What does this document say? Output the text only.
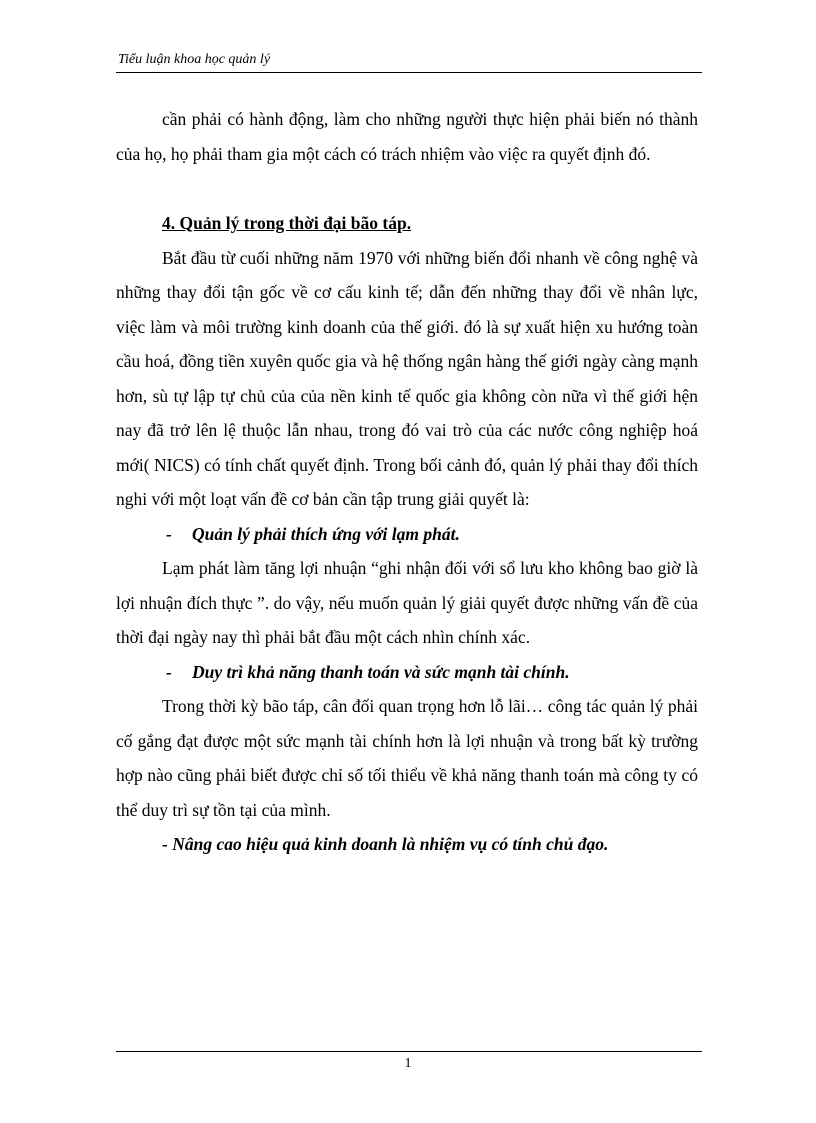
Tiểu luận khoa học quản lý

cần phải có hành động, làm cho những người thực hiện phải biến nó thành của họ, họ phải tham gia một cách có trách nhiệm vào việc ra quyết định đó.

4. Quản lý trong thời đại bão táp.

Bắt đầu từ cuối những năm 1970 với những biến đổi nhanh về công nghệ và những thay đổi tận gốc về cơ cấu kinh tế; dẫn đến những thay đổi về nhân lực, việc làm và môi trường kinh doanh của thế giới. đó là sự xuất hiện xu hướng toàn cầu hoá, đồng tiền xuyên quốc gia và hệ thống ngân hàng thế giới ngày càng mạnh hơn, sù tự lập tự chủ của của nền kinh tế quốc gia không còn nữa vì thế giới hện nay đã trở lên lệ thuộc lẫn nhau, trong đó vai trò của các nước công nghiệp hoá mới( NICS) có tính chất quyết định. Trong bối cảnh đó, quản lý phải thay đổi thích nghi với một loạt vấn đề cơ bản cần tập trung giải quyết là:

- Quản lý phải thích ứng với lạm phát.

Lạm phát làm tăng lợi nhuận “ghi nhận đối với sổ lưu kho không bao giờ là lợi nhuận đích thực ”. do vậy, nếu muốn quản lý giải quyết được những vấn đề của thời đại ngày nay thì phải bắt đầu một cách nhìn chính xác.

- Duy trì khả năng thanh toán và sức mạnh tài chính.

Trong thời kỳ bão táp, cân đối quan trọng hơn lỗ lãi… công tác quản lý phải cố gắng đạt được một sức mạnh tài chính hơn là lợi nhuận và trong bất kỳ trường hợp nào cũng phải biết được chỉ số tối thiểu về khả năng thanh toán mà công ty có thể duy trì sự tồn tại của mình.

- Nâng cao hiệu quả kinh doanh là nhiệm vụ có tính chủ đạo.

1
